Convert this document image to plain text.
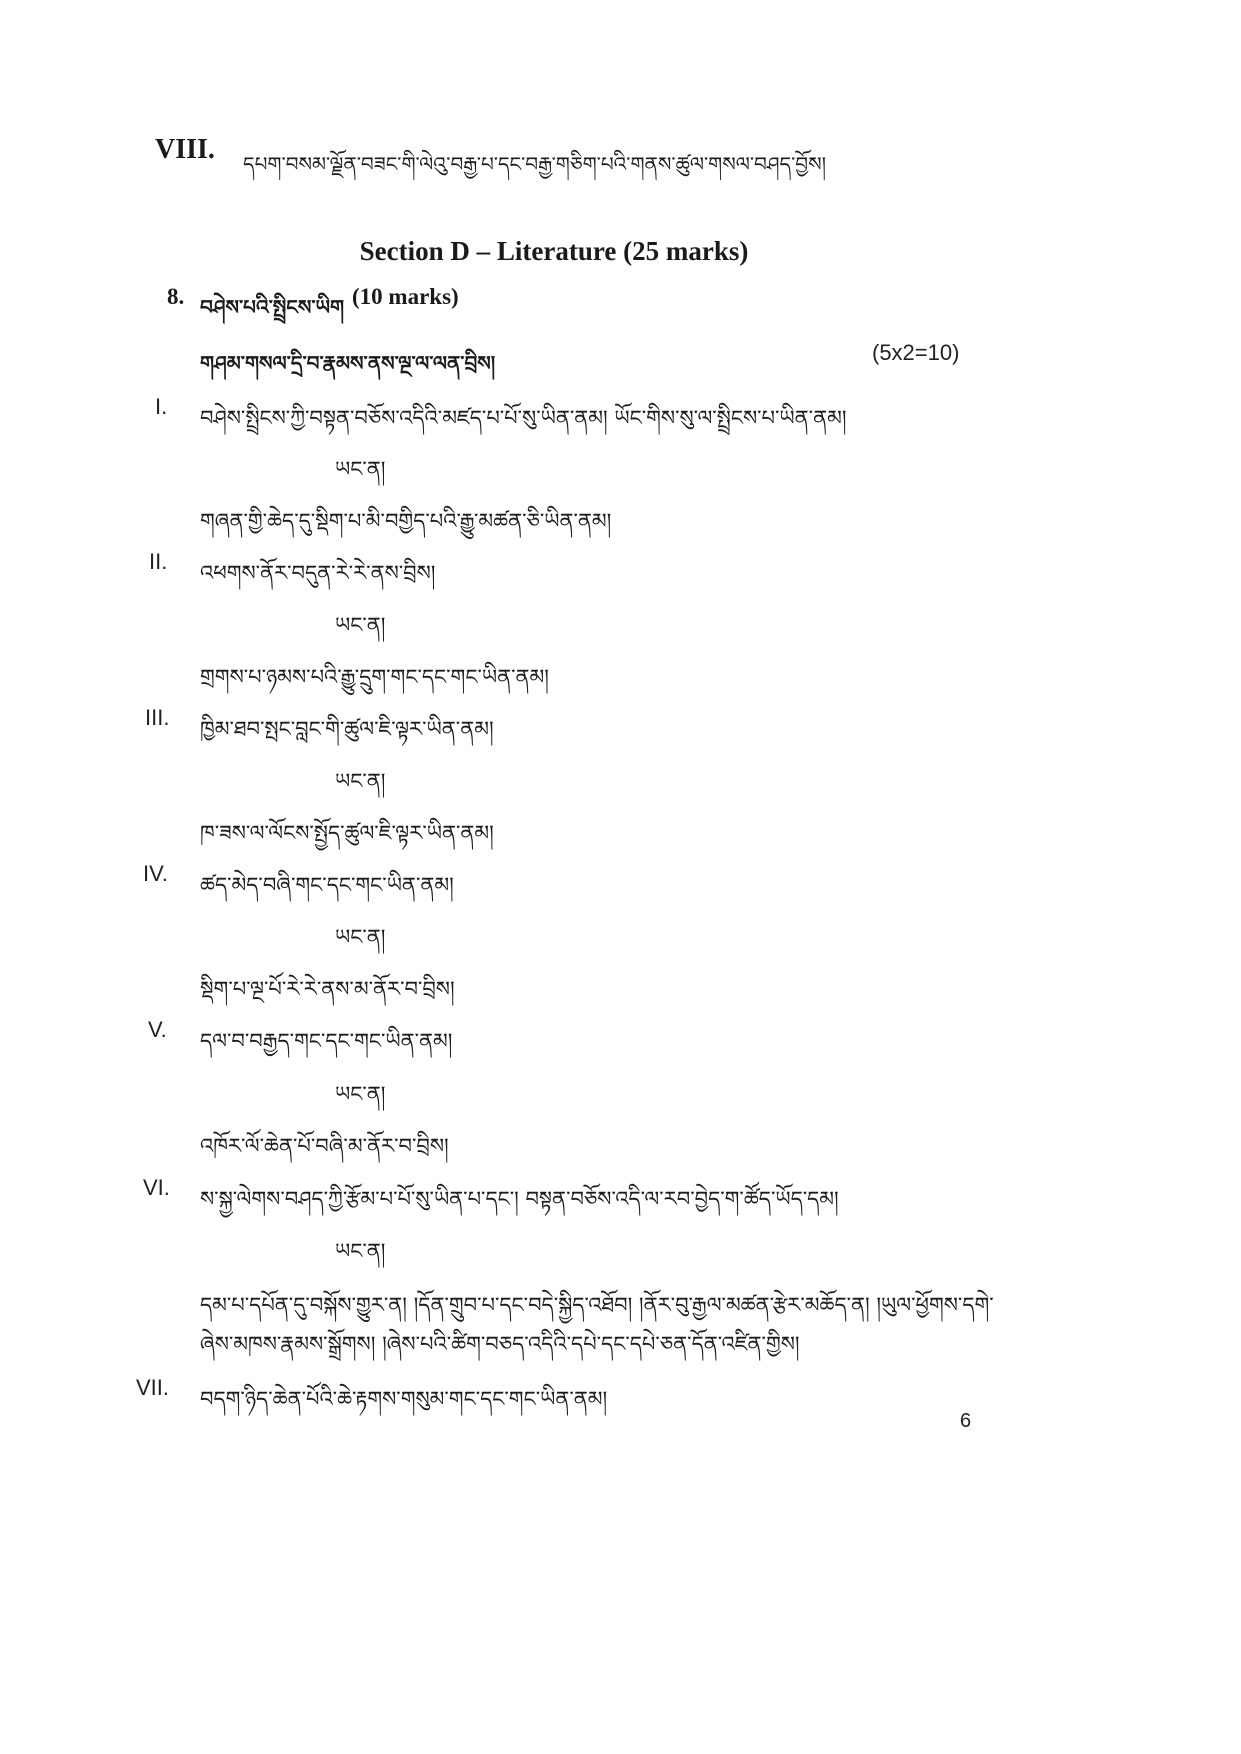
VIII. དཔག་བསམ་ལྗོན་བཟང་གི་ལེའུ་བརྒྱ་པ་དང་བརྒྱ་གཅིག་པའི་གནས་ཚུལ་གསལ་བཤད་བྱོས།
Section D – Literature (25 marks)
8. བཤེས་པའི་སྤྲིངས་ཡིག (10 marks)
གཤམ་གསལ་དྲི་བ་རྣམས་ནས་ལྔ་ལ་ལན་བྲིས།	(5x2=10)
I. བཤེས་སྤྲིངས་ཀྱི་བསྟན་བཅོས་འདིའི་མཛད་པ་པོ་སུ་ཡིན་ནམ། ཡོང་གིས་སུ་ལ་སྤྲིངས་པ་ཡིན་ནམ།
ཡང་ན།
གཞན་གྱི་ཆེད་དུ་སྡིག་པ་མི་བགྱིད་པའི་རྒྱུ་མཚན་ཅི་ཡིན་ནམ།
II. འཕགས་ནོར་བདུན་རེ་རེ་ནས་བྲིས།
ཡང་ན།
གྲགས་པ་ཉམས་པའི་རྒྱུ་དྲུག་གང་དང་གང་ཡིན་ནམ།
III. ཁྱིམ་ཐབ་སྤང་བླང་གི་ཚུལ་ཇི་ལྟར་ཡིན་ནམ།
ཡང་ན།
ཁ་ཟས་ལ་ལོངས་སྤྱོད་ཚུལ་ཇི་ལྟར་ཡིན་ནམ།
IV. ཚད་མེད་བཞི་གང་དང་གང་ཡིན་ནམ།
ཡང་ན།
སྡིག་པ་ལྔ་པོ་རེ་རེ་ནས་མ་ནོར་བ་བྲིས།
V. དལ་བ་བརྒྱད་གང་དང་གང་ཡིན་ནམ།
ཡང་ན།
འཁོར་ལོ་ཆེན་པོ་བཞི་མ་ནོར་བ་བྲིས།
VI. ས་སྐྱ་ལེགས་བཤད་ཀྱི་རྩོམ་པ་པོ་སུ་ཡིན་པ་དང་། བསྟན་བཅོས་འདི་ལ་རབ་བྱེད་ག་ཚོད་ཡོད་དམ།
ཡང་ན།
དམ་པ་དཔོན་དུ་བསྐོས་གྱུར་ན། །དོན་གྲུབ་པ་དང་བདེ་སྐྱིད་འཐོབ། །ནོར་བུ་རྒྱལ་མཚན་རྩེར་མཆོད་ན། །ཡུལ་ཕྱོགས་དགེ་
ཞེས་མཁས་རྣམས་སྒྲོགས། །ཞེས་པའི་ཚིག་བཅད་འདིའི་དཔེ་དང་དཔེ་ཅན་དོན་འཛིན་གྱིས།
VII. བདག་ཉིད་ཆེན་པོའི་ཆེ་རྟགས་གསུམ་གང་དང་གང་ཡིན་ནམ།
6
